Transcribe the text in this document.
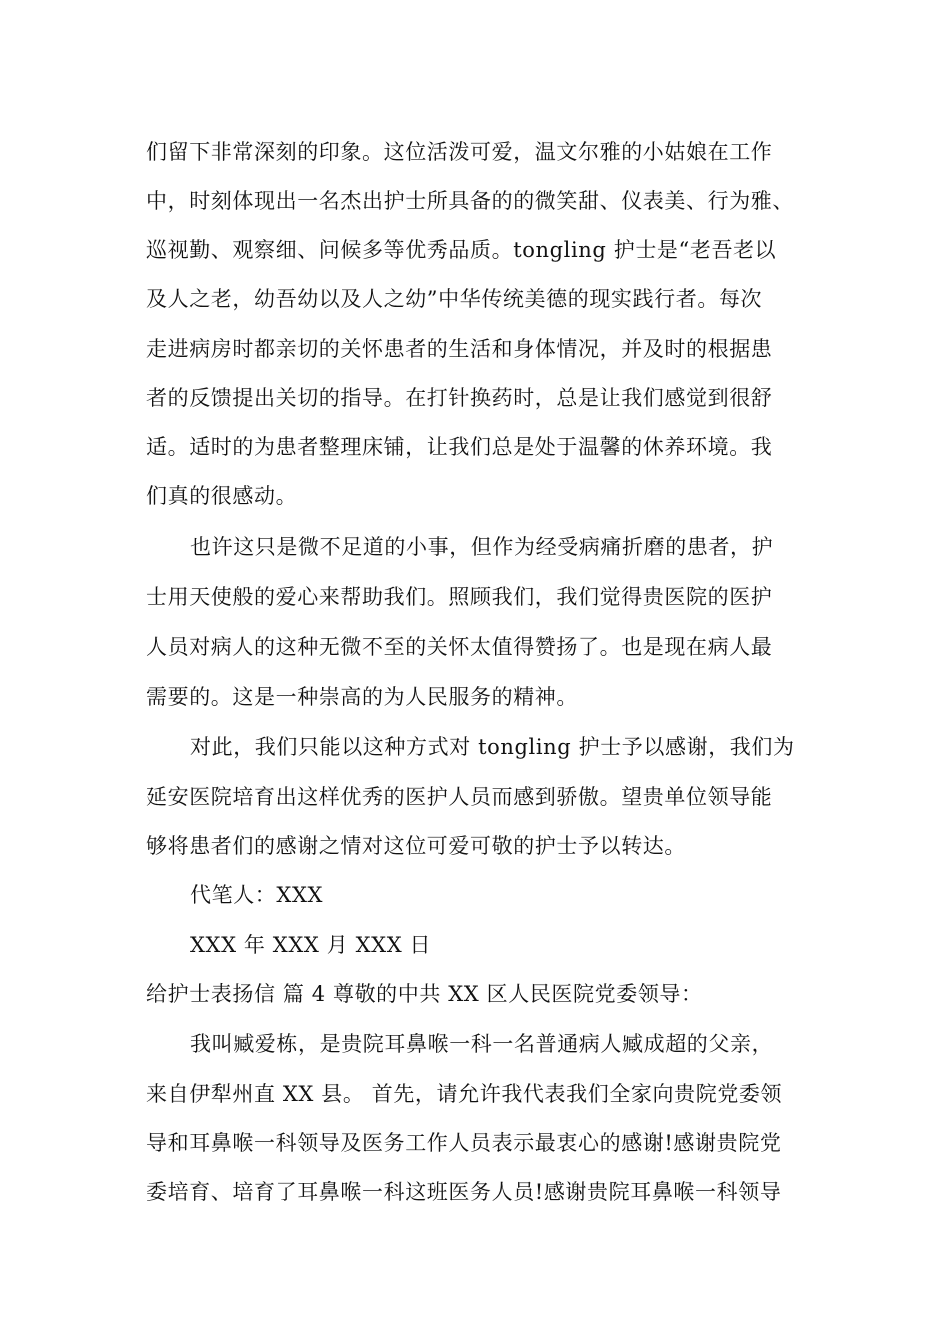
们留下非常深刻的印象。这位活泼可爱，温文尔雅的小姑娘在工作
中，时刻体现出一名杰出护士所具备的的微笑甜、仪表美、行为雅、
巡视勤、观察细、问候多等优秀品质。tongling 护士是“老吾老以
及人之老，幼吾幼以及人之幼”中华传统美德的现实践行者。每次
走进病房时都亲切的关怀患者的生活和身体情况，并及时的根据患
者的反馈提出关切的指导。在打针换药时，总是让我们感觉到很舒
适。适时的为患者整理床铺，让我们总是处于温馨的休养环境。我
们真的很感动。
也许这只是微不足道的小事，但作为经受病痛折磨的患者，护
士用天使般的爱心来帮助我们。照顾我们，我们觉得贵医院的医护
人员对病人的这种无微不至的关怀太值得赞扬了。也是现在病人最
需要的。这是一种崇高的为人民服务的精神。
对此，我们只能以这种方式对 tongling 护士予以感谢，我们为
延安医院培育出这样优秀的医护人员而感到骄傲。望贵单位领导能
够将患者们的感谢之情对这位可爱可敬的护士予以转达。
代笔人：XXX
XXX 年 XXX 月 XXX 日
给护士表扬信 篇 4 尊敬的中共 XX 区人民医院党委领导：
我叫臧爱栋，是贵院耳鼻喉一科一名普通病人臧成超的父亲，
来自伊犁州直 XX 县。 首先，请允许我代表我们全家向贵院党委领
导和耳鼻喉一科领导及医务工作人员表示最衷心的感谢!感谢贵院党
委培育、培育了耳鼻喉一科这班医务人员!感谢贵院耳鼻喉一科领导
